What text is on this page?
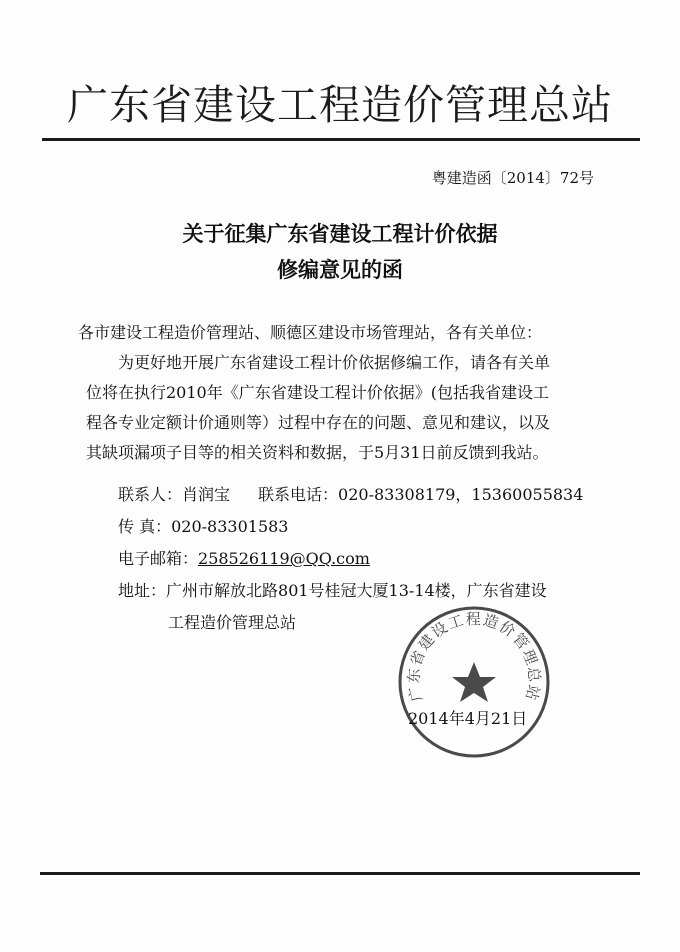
广东省建设工程造价管理总站
粤建造函〔2014〕72号
关于征集广东省建设工程计价依据
修编意见的函
各市建设工程造价管理站、顺德区建设市场管理站，各有关单位：
为更好地开展广东省建设工程计价依据修编工作，请各有关单
位将在执行2010年《广东省建设工程计价依据》(包括我省建设工
程各专业定额计价通则等）过程中存在的问题、意见和建议，以及
其缺项漏项子目等的相关资料和数据，于5月31日前反馈到我站。
联系人：肖润宝 联系电话：020-83308179，15360055834
传 真：020-83301583
电子邮箱：258526119@QQ.com
地址：广州市解放北路801号桂冠大厦13-14楼，广东省建设
工程造价管理总站
广东省建设工程造价管理总站
2014年4月21日
